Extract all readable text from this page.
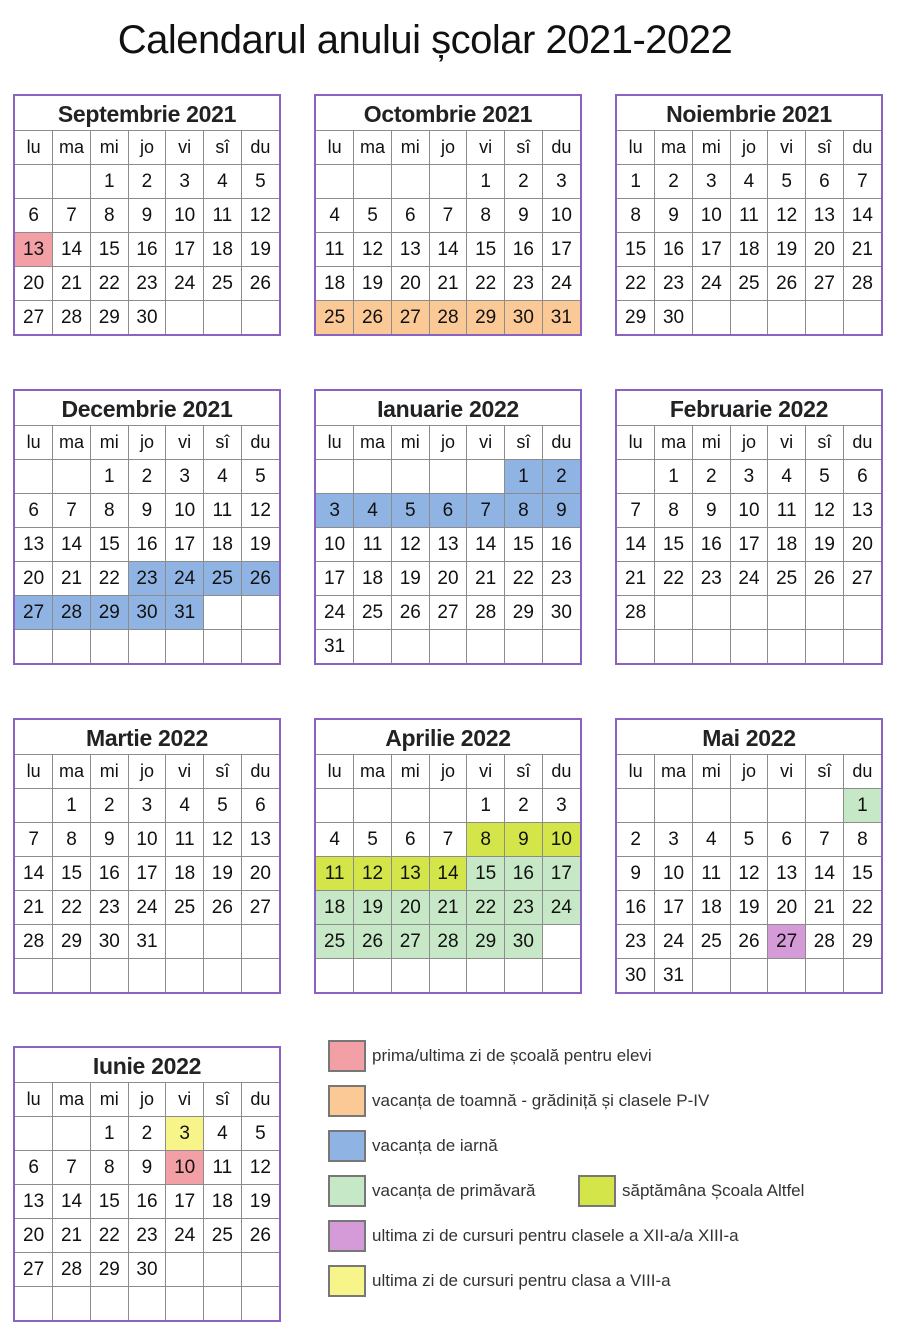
Calendarul anului școlar 2021-2022
Septembrie 2021
lu	ma	mi	jo	vi	sî	du
		1	2	3	4	5
6	7	8	9	10	11	12
13	14	15	16	17	18	19
20	21	22	23	24	25	26
27	28	29	30			
Octombrie 2021
lu	ma	mi	jo	vi	sî	du
				1	2	3
4	5	6	7	8	9	10
11	12	13	14	15	16	17
18	19	20	21	22	23	24
25	26	27	28	29	30	31
Noiembrie 2021
lu	ma	mi	jo	vi	sî	du
1	2	3	4	5	6	7
8	9	10	11	12	13	14
15	16	17	18	19	20	21
22	23	24	25	26	27	28
29	30					
Decembrie 2021
lu	ma	mi	jo	vi	sî	du
		1	2	3	4	5
6	7	8	9	10	11	12
13	14	15	16	17	18	19
20	21	22	23	24	25	26
27	28	29	30	31		

Ianuarie 2022
lu	ma	mi	jo	vi	sî	du
					1	2
3	4	5	6	7	8	9
10	11	12	13	14	15	16
17	18	19	20	21	22	23
24	25	26	27	28	29	30
31						
Februarie 2022
lu	ma	mi	jo	vi	sî	du
	1	2	3	4	5	6
7	8	9	10	11	12	13
14	15	16	17	18	19	20
21	22	23	24	25	26	27
28						

Martie 2022
lu	ma	mi	jo	vi	sî	du
	1	2	3	4	5	6
7	8	9	10	11	12	13
14	15	16	17	18	19	20
21	22	23	24	25	26	27
28	29	30	31			

Aprilie 2022
lu	ma	mi	jo	vi	sî	du
				1	2	3
4	5	6	7	8	9	10
11	12	13	14	15	16	17
18	19	20	21	22	23	24
25	26	27	28	29	30	

Mai 2022
lu	ma	mi	jo	vi	sî	du
						1
2	3	4	5	6	7	8
9	10	11	12	13	14	15
16	17	18	19	20	21	22
23	24	25	26	27	28	29
30	31					
Iunie 2022
lu	ma	mi	jo	vi	sî	du
		1	2	3	4	5
6	7	8	9	10	11	12
13	14	15	16	17	18	19
20	21	22	23	24	25	26
27	28	29	30			

prima/ultima zi de școală pentru elevi
vacanța de toamnă - grădiniță și clasele P-IV
vacanța de iarnă
vacanța de primăvară	săptămâna Școala Altfel
ultima zi de cursuri pentru clasele a XII-a/a XIII-a
ultima zi de cursuri pentru clasa a VIII-a
